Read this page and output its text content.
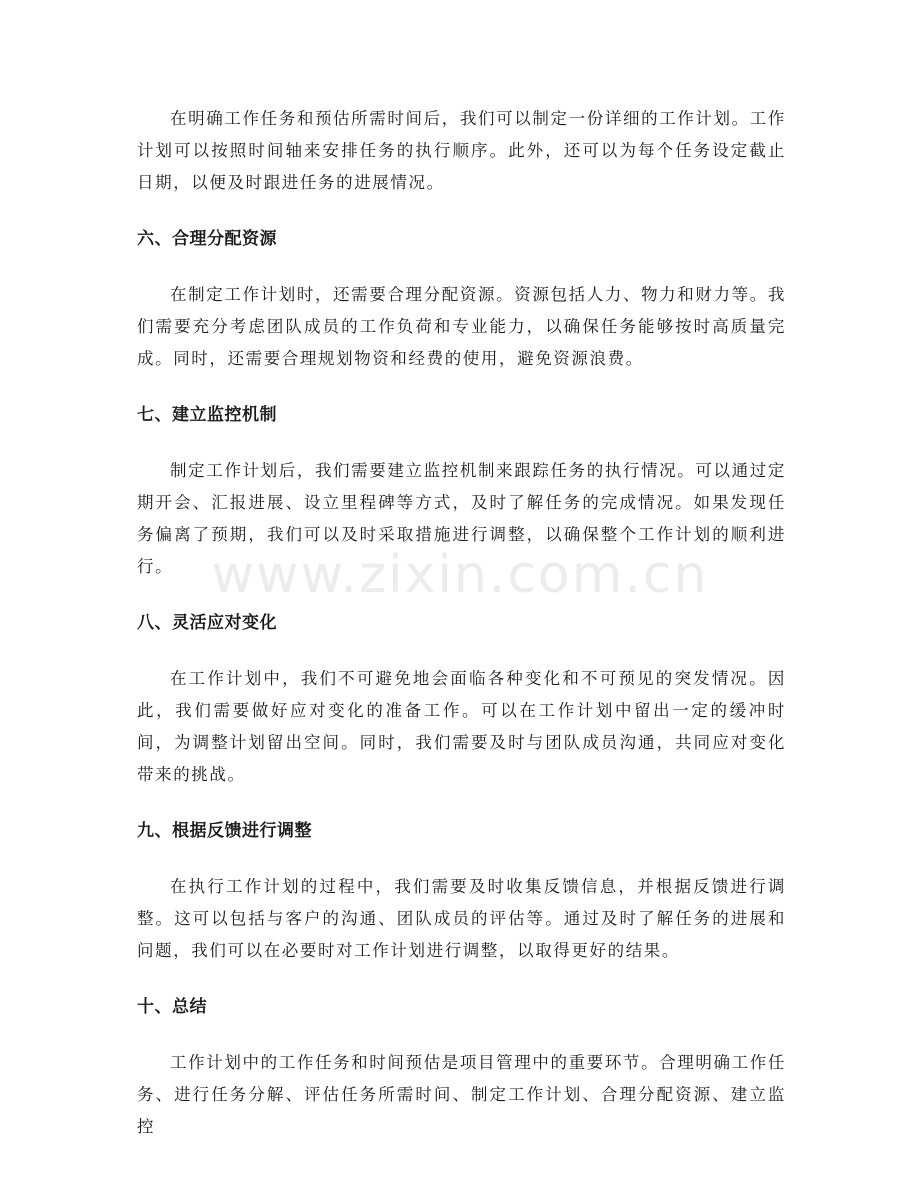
在明确工作任务和预估所需时间后，我们可以制定一份详细的工作计划。工作计划可以按照时间轴来安排任务的执行顺序。此外，还可以为每个任务设定截止日期，以便及时跟进任务的进展情况。

六、合理分配资源

在制定工作计划时，还需要合理分配资源。资源包括人力、物力和财力等。我们需要充分考虑团队成员的工作负荷和专业能力，以确保任务能够按时高质量完成。同时，还需要合理规划物资和经费的使用，避免资源浪费。

七、建立监控机制

制定工作计划后，我们需要建立监控机制来跟踪任务的执行情况。可以通过定期开会、汇报进展、设立里程碑等方式，及时了解任务的完成情况。如果发现任务偏离了预期，我们可以及时采取措施进行调整，以确保整个工作计划的顺利进行。

八、灵活应对变化

在工作计划中，我们不可避免地会面临各种变化和不可预见的突发情况。因此，我们需要做好应对变化的准备工作。可以在工作计划中留出一定的缓冲时间，为调整计划留出空间。同时，我们需要及时与团队成员沟通，共同应对变化带来的挑战。

九、根据反馈进行调整

在执行工作计划的过程中，我们需要及时收集反馈信息，并根据反馈进行调整。这可以包括与客户的沟通、团队成员的评估等。通过及时了解任务的进展和问题，我们可以在必要时对工作计划进行调整，以取得更好的结果。

十、总结

工作计划中的工作任务和时间预估是项目管理中的重要环节。合理明确工作任务、进行任务分解、评估任务所需时间、制定工作计划、合理分配资源、建立监控

www.zixin.com.cn
